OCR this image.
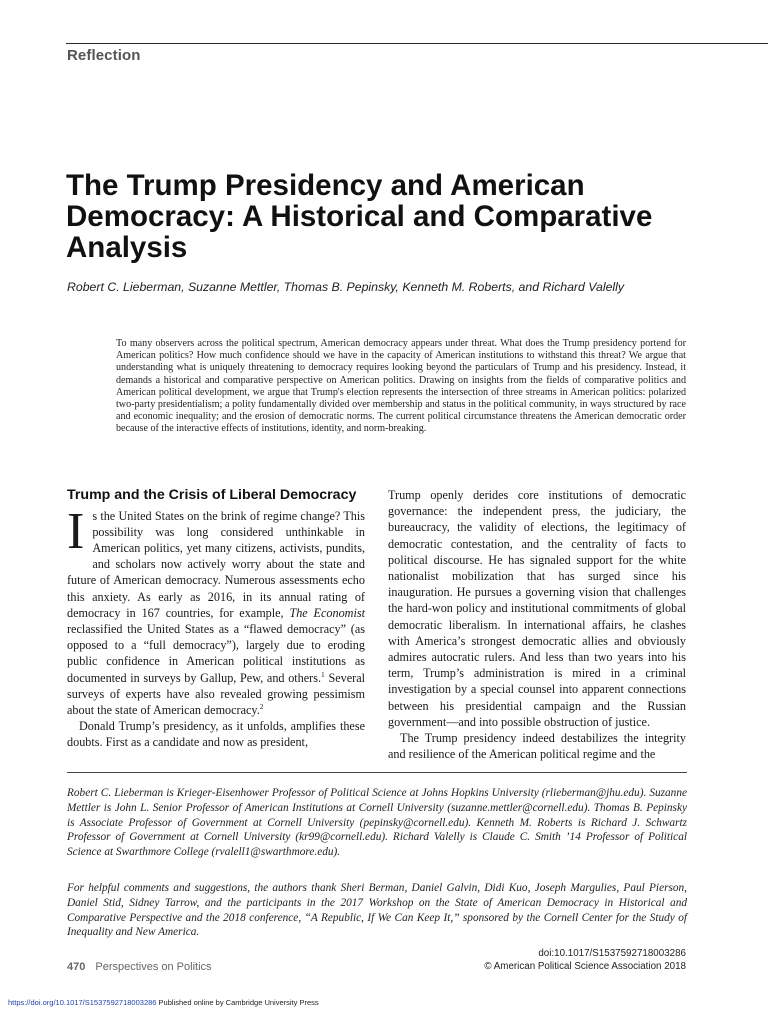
Reflection
The Trump Presidency and American Democracy: A Historical and Comparative Analysis
Robert C. Lieberman, Suzanne Mettler, Thomas B. Pepinsky, Kenneth M. Roberts, and Richard Valelly

To many observers across the political spectrum, American democracy appears under threat. What does the Trump presidency portend for American politics? How much confidence should we have in the capacity of American institutions to withstand this threat? We argue that understanding what is uniquely threatening to democracy requires looking beyond the particulars of Trump and his presidency. Instead, it demands a historical and comparative perspective on American politics. Drawing on insights from the fields of comparative politics and American political development, we argue that Trump's election represents the intersection of three streams in American politics: polarized two-party presidentialism; a polity fundamentally divided over membership and status in the political community, in ways structured by race and economic inequality; and the erosion of democratic norms. The current political circumstance threatens the American democratic order because of the interactive effects of institutions, identity, and norm-breaking.

Trump and the Crisis of Liberal Democracy

Is the United States on the brink of regime change? This possibility was long considered unthinkable in American politics, yet many citizens, activists, pundits, and scholars now actively worry about the state and future of American democracy. Numerous assessments echo this anxiety. As early as 2016, in its annual rating of democracy in 167 countries, for example, The Economist reclassified the United States as a “flawed democracy” (as opposed to a “full democracy”), largely due to eroding public confidence in American political institutions as documented in surveys by Gallup, Pew, and others.$^1$ Several surveys of experts have also revealed growing pessimism about the state of American democracy.$^2$

Donald Trump’s presidency, as it unfolds, amplifies these doubts. First as a candidate and now as president,

Trump openly derides core institutions of democratic governance: the independent press, the judiciary, the bureaucracy, the validity of elections, the legitimacy of democratic contestation, and the centrality of facts to political discourse. He has signaled support for the white nationalist mobilization that has surged since his inauguration. He pursues a governing vision that challenges the hard-won policy and institutional commitments of global democratic liberalism. In international affairs, he clashes with America’s strongest democratic allies and obviously admires autocratic rulers. And less than two years into his term, Trump’s administration is mired in a criminal investigation by a special counsel into apparent connections between his presidential campaign and the Russian government—and into possible obstruction of justice.

The Trump presidency indeed destabilizes the integrity and resilience of the American political regime and the

Robert C. Lieberman is Krieger-Eisenhower Professor of Political Science at Johns Hopkins University (rlieberman@jhu.edu). Suzanne Mettler is John L. Senior Professor of American Institutions at Cornell University (suzanne.mettler@cornell.edu). Thomas B. Pepinsky is Associate Professor of Government at Cornell University (pepinsky@cornell.edu). Kenneth M. Roberts is Richard J. Schwartz Professor of Government at Cornell University (kr99@cornell.edu). Richard Valelly is Claude C. Smith ’14 Professor of Political Science at Swarthmore College (rvalell1@swarthmore.edu).

For helpful comments and suggestions, the authors thank Sheri Berman, Daniel Galvin, Didi Kuo, Joseph Margulies, Paul Pierson, Daniel Stid, Sidney Tarrow, and the participants in the 2017 Workshop on the State of American Democracy in Historical and Comparative Perspective and the 2018 conference, “A Republic, If We Can Keep It,” sponsored by the Cornell Center for the Study of Inequality and New America.

doi:10.1017/S1537592718003286
470 Perspectives on Politics	© American Political Science Association 2018
https://doi.org/10.1017/S1537592718003286 Published online by Cambridge University Press
